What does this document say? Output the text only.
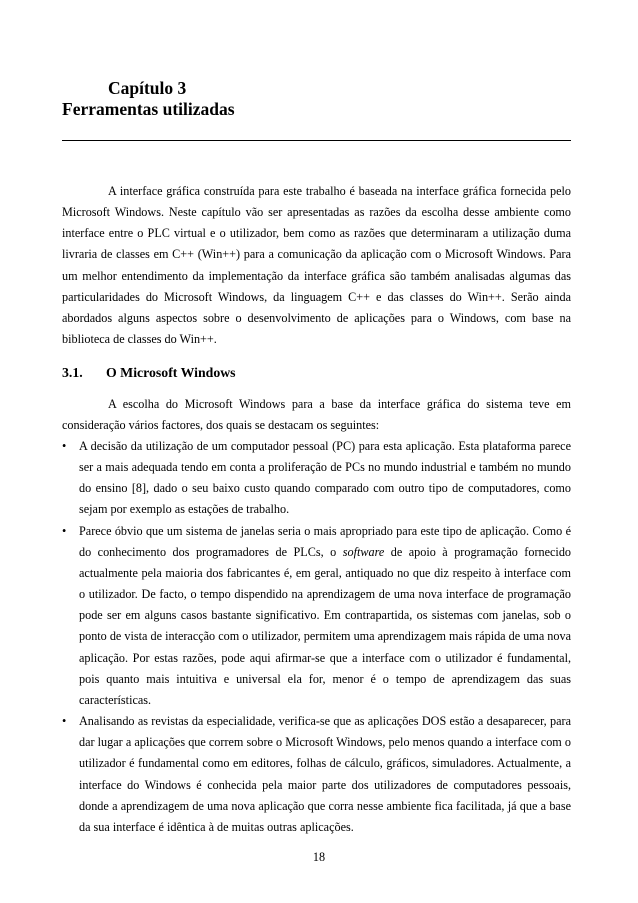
Capítulo 3
Ferramentas utilizadas

A interface gráfica construída para este trabalho é baseada na interface gráfica fornecida pelo Microsoft Windows. Neste capítulo vão ser apresentadas as razões da escolha desse ambiente como interface entre o PLC virtual e o utilizador, bem como as razões que determinaram a utilização duma livraria de classes em C++ (Win++) para a comunicação da aplicação com o Microsoft Windows. Para um melhor entendimento da implementação da interface gráfica são também analisadas algumas das particularidades do Microsoft Windows, da linguagem C++ e das classes do Win++. Serão ainda abordados alguns aspectos sobre o desenvolvimento de aplicações para o Windows, com base na biblioteca de classes do Win++.

3.1. O Microsoft Windows

A escolha do Microsoft Windows para a base da interface gráfica do sistema teve em consideração vários factores, dos quais se destacam os seguintes:

•	A decisão da utilização de um computador pessoal (PC) para esta aplicação. Esta plataforma parece ser a mais adequada tendo em conta a proliferação de PCs no mundo industrial e também no mundo do ensino [8], dado o seu baixo custo quando comparado com outro tipo de computadores, como sejam por exemplo as estações de trabalho.
•	Parece óbvio que um sistema de janelas seria o mais apropriado para este tipo de aplicação. Como é do conhecimento dos programadores de PLCs, o software de apoio à programação fornecido actualmente pela maioria dos fabricantes é, em geral, antiquado no que diz respeito à interface com o utilizador. De facto, o tempo dispendido na aprendizagem de uma nova interface de programação pode ser em alguns casos bastante significativo. Em contrapartida, os sistemas com janelas, sob o ponto de vista de interacção com o utilizador, permitem uma aprendizagem mais rápida de uma nova aplicação. Por estas razões, pode aqui afirmar-se que a interface com o utilizador é fundamental, pois quanto mais intuitiva e universal ela for, menor é o tempo de aprendizagem das suas características.
•	Analisando as revistas da especialidade, verifica-se que as aplicações DOS estão a desaparecer, para dar lugar a aplicações que correm sobre o Microsoft Windows, pelo menos quando a interface com o utilizador é fundamental como em editores, folhas de cálculo, gráficos, simuladores. Actualmente, a interface do Windows é conhecida pela maior parte dos utilizadores de computadores pessoais, donde a aprendizagem de uma nova aplicação que corra nesse ambiente fica facilitada, já que a base da sua interface é idêntica à de muitas outras aplicações.
18
